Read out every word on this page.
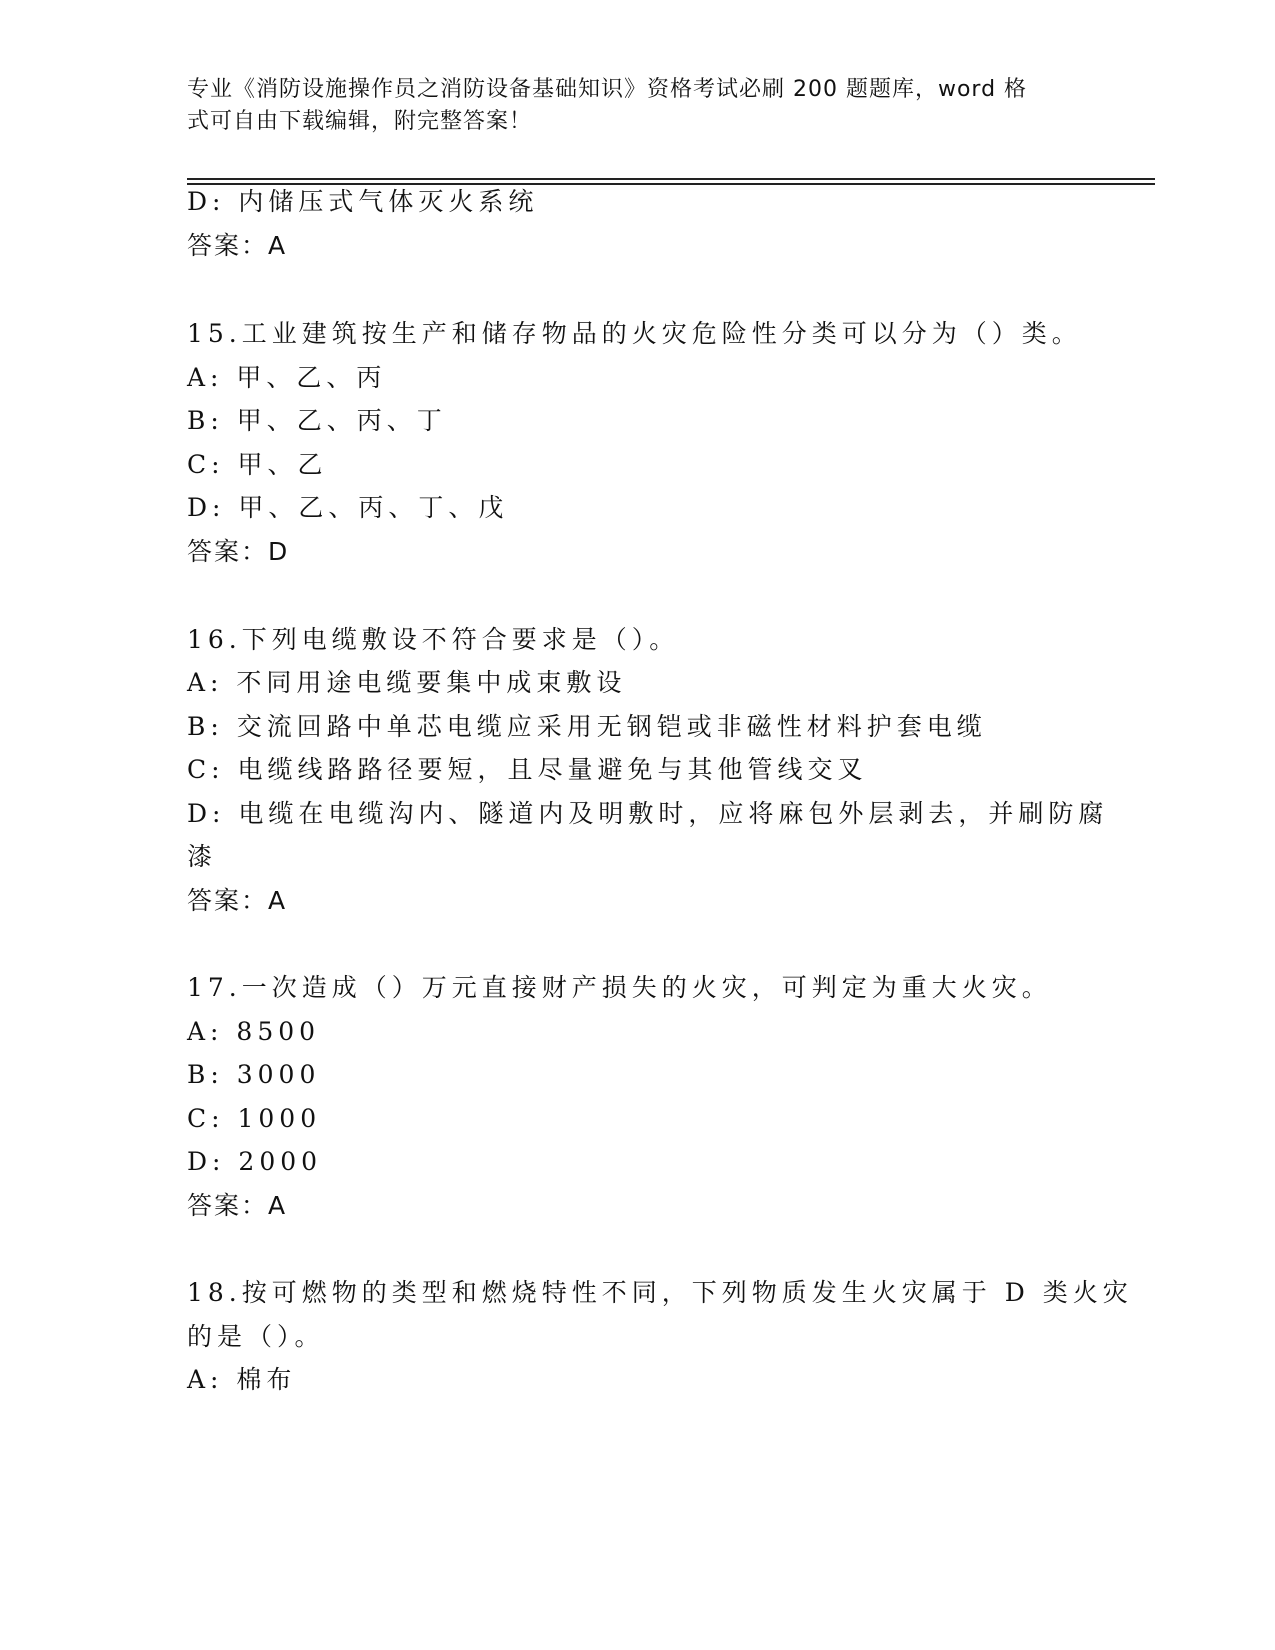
专业《消防设施操作员之消防设备基础知识》资格考试必刷 200 题题库，word 格
式可自由下载编辑，附完整答案！
D: 内储压式气体灭火系统
答案：A
15.工业建筑按生产和储存物品的火灾危险性分类可以分为（）类。
A: 甲、乙、丙
B: 甲、乙、丙、丁
C: 甲、乙
D: 甲、乙、丙、丁、戊
答案：D
16.下列电缆敷设不符合要求是（）。
A: 不同用途电缆要集中成束敷设
B: 交流回路中单芯电缆应采用无钢铠或非磁性材料护套电缆
C: 电缆线路路径要短，且尽量避免与其他管线交叉
D: 电缆在电缆沟内、隧道内及明敷时，应将麻包外层剥去，并刷防腐
漆
答案：A
17.一次造成（）万元直接财产损失的火灾，可判定为重大火灾。
A: 8500
B: 3000
C: 1000
D: 2000
答案：A
18.按可燃物的类型和燃烧特性不同，下列物质发生火灾属于 D 类火灾
的是（）。
A: 棉布
